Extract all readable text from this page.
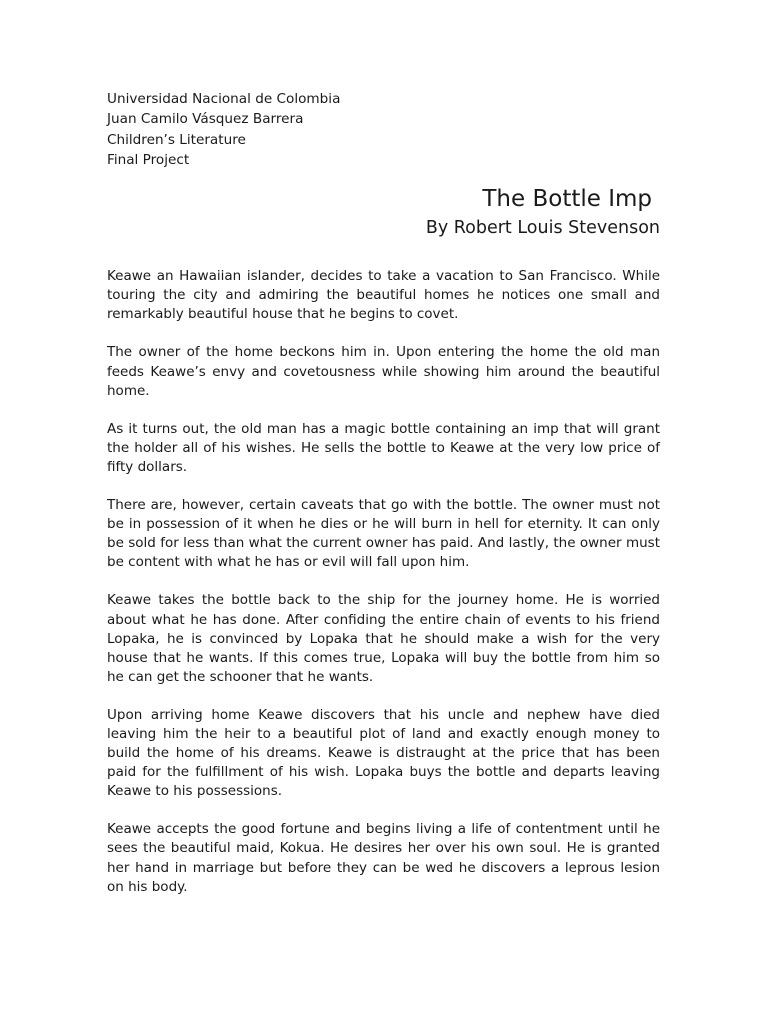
Universidad Nacional de Colombia
Juan Camilo Vásquez Barrera
Children’s Literature
Final Project
The Bottle Imp
By Robert Louis Stevenson

Keawe an Hawaiian islander, decides to take a vacation to San Francisco. While touring the city and admiring the beautiful homes he notices one small and remarkably beautiful house that he begins to covet.

The owner of the home beckons him in. Upon entering the home the old man feeds Keawe’s envy and covetousness while showing him around the beautiful home.

As it turns out, the old man has a magic bottle containing an imp that will grant the holder all of his wishes. He sells the bottle to Keawe at the very low price of fifty dollars.

There are, however, certain caveats that go with the bottle. The owner must not be in possession of it when he dies or he will burn in hell for eternity. It can only be sold for less than what the current owner has paid. And lastly, the owner must be content with what he has or evil will fall upon him.

Keawe takes the bottle back to the ship for the journey home. He is worried about what he has done. After confiding the entire chain of events to his friend Lopaka, he is convinced by Lopaka that he should make a wish for the very house that he wants. If this comes true, Lopaka will buy the bottle from him so he can get the schooner that he wants.

Upon arriving home Keawe discovers that his uncle and nephew have died leaving him the heir to a beautiful plot of land and exactly enough money to build the home of his dreams. Keawe is distraught at the price that has been paid for the fulfillment of his wish. Lopaka buys the bottle and departs leaving Keawe to his possessions.

Keawe accepts the good fortune and begins living a life of contentment until he sees the beautiful maid, Kokua. He desires her over his own soul. He is granted her hand in marriage but before they can be wed he discovers a leprous lesion on his body.
